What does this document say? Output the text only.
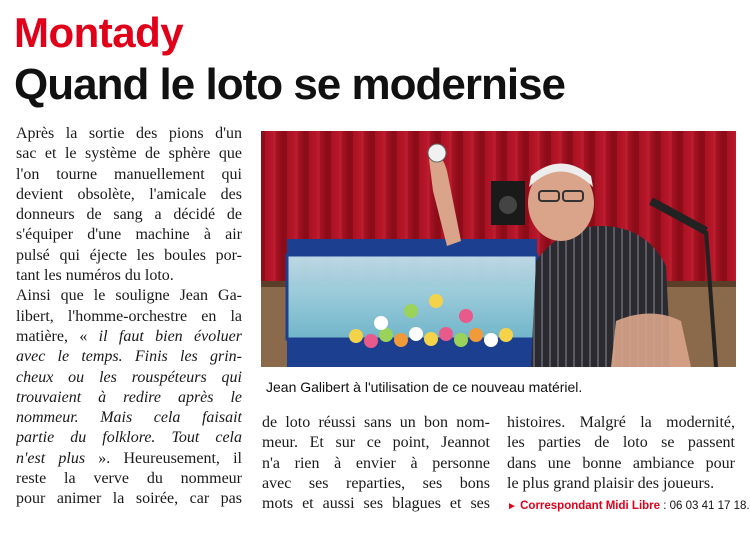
Montady
Quand le loto se modernise
Après la sortie des pions d'un
sac et le système de sphère que
l'on tourne manuellement qui
devient obsolète, l'amicale des
donneurs de sang a décidé de
s'équiper d'une machine à air
pulsé qui éjecte les boules por-
tant les numéros du loto.
Ainsi que le souligne Jean Ga-
libert, l'homme-orchestre en la
matière, « il faut bien évoluer
avec le temps. Finis les grin-
cheux ou les rouspéteurs qui
trouvaient à redire après le
nommeur. Mais cela faisait
partie du folklore. Tout cela
n'est plus ». Heureusement, il
reste la verve du nommeur
pour animer la soirée, car pas
Jean Galibert à l'utilisation de ce nouveau matériel.
de loto réussi sans un bon nom-
meur. Et sur ce point, Jeannot
n'a rien à envier à personne
avec ses reparties, ses bons
mots et aussi ses blagues et ses
histoires. Malgré la modernité,
les parties de loto se passent
dans une bonne ambiance pour
le plus grand plaisir des joueurs.
► Correspondant Midi Libre : 06 03 41 17 18.
